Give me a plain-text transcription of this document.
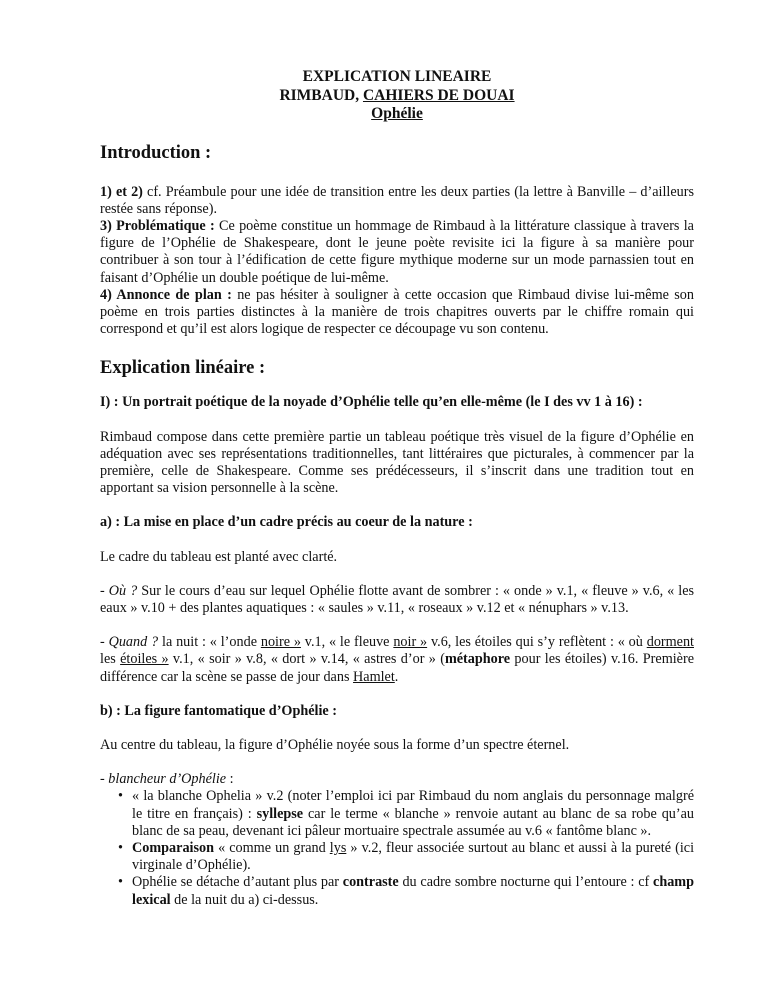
EXPLICATION LINEAIRE
RIMBAUD, CAHIERS DE DOUAI
Ophélie
Introduction :

1) et 2) cf. Préambule pour une idée de transition entre les deux parties (la lettre à Banville – d’ailleurs restée sans réponse).

3) Problématique : Ce poème constitue un hommage de Rimbaud à la littérature classique à travers la figure de l’Ophélie de Shakespeare, dont le jeune poète revisite ici la figure à sa manière pour contribuer à son tour à l’édification de cette figure mythique moderne sur un mode parnassien tout en faisant d’Ophélie un double poétique de lui-même.

4) Annonce de plan : ne pas hésiter à souligner à cette occasion que Rimbaud divise lui-même son poème en trois parties distinctes à la manière de trois chapitres ouverts par le chiffre romain qui correspond et qu’il est alors logique de respecter ce découpage vu son contenu.

Explication linéaire :
I) : Un portrait poétique de la noyade d’Ophélie telle qu’en elle-même (le I des vv 1 à 16) :

Rimbaud compose dans cette première partie un tableau poétique très visuel de la figure d’Ophélie en adéquation avec ses représentations traditionnelles, tant littéraires que picturales, à commencer par la première, celle de Shakespeare. Comme ses prédécesseurs, il s’inscrit dans une tradition tout en apportant sa vision personnelle à la scène.

a) : La mise en place d’un cadre précis au coeur de la nature :

Le cadre du tableau est planté avec clarté.

- Où ? Sur le cours d’eau sur lequel Ophélie flotte avant de sombrer : « onde » v.1, « fleuve » v.6, « les eaux » v.10 + des plantes aquatiques : « saules » v.11, « roseaux » v.12 et « nénuphars » v.13.

- Quand ? la nuit : « l’onde noire » v.1, « le fleuve noir » v.6, les étoiles qui s’y reflètent : « où dorment les étoiles » v.1, « soir » v.8, « dort » v.14, « astres d’or » (métaphore pour les étoiles) v.16. Première différence car la scène se passe de jour dans Hamlet.

b) : La figure fantomatique d’Ophélie :

Au centre du tableau, la figure d’Ophélie noyée sous la forme d’un spectre éternel.

- blancheur d’Ophélie :

• « la blanche Ophelia » v.2 (noter l’emploi ici par Rimbaud du nom anglais du personnage malgré le titre en français) : syllepse car le terme « blanche » renvoie autant au blanc de sa robe qu’au blanc de sa peau, devenant ici pâleur mortuaire spectrale assumée au v.6 « fantôme blanc ».
• Comparaison « comme un grand lys » v.2, fleur associée surtout au blanc et aussi à la pureté (ici virginale d’Ophélie).
• Ophélie se détache d’autant plus par contraste du cadre sombre nocturne qui l’entoure : cf champ lexical de la nuit du a) ci-dessus.
